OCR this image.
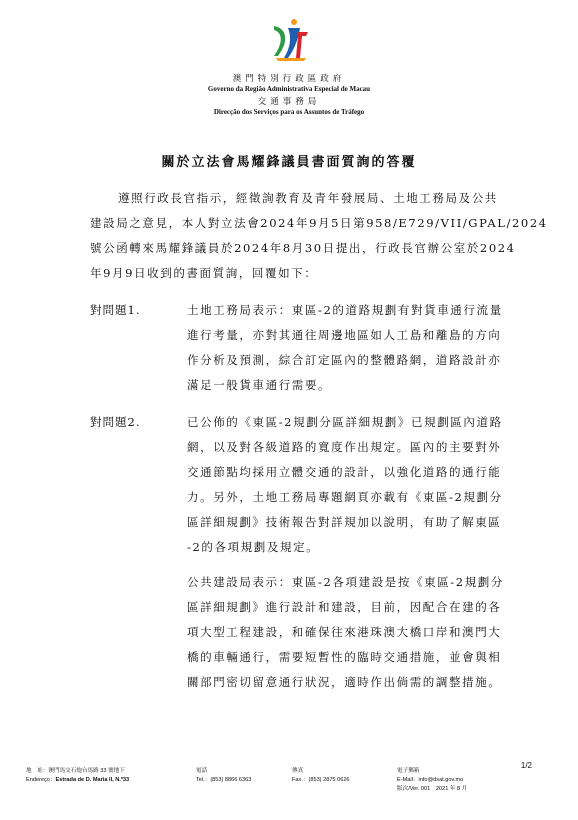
澳門特別行政區政府
Governo da Região Administrativa Especial de Macau
交通事務局
Direcção dos Serviços para os Assuntos de Tráfego
關於立法會馬耀鋒議員書面質詢的答覆
遵照行政長官指示，經徵詢教育及青年發展局、土地工務局及公共
建設局之意見，本人對立法會2024年9月5日第958/E729/VII/GPAL/2024
號公函轉來馬耀鋒議員於2024年8月30日提出，行政長官辦公室於2024
年9月9日收到的書面質詢，回覆如下：
對問題1.	土地工務局表示：東區-2的道路規劃有對貨車通行流量
進行考量，亦對其通往周邊地區如人工島和離島的方向
作分析及預測，綜合訂定區內的整體路網，道路設計亦
滿足一般貨車通行需要。
對問題2.	已公佈的《東區-2規劃分區詳細規劃》已規劃區內道路
網，以及對各級道路的寬度作出規定。區內的主要對外
交通節點均採用立體交通的設計，以強化道路的通行能
力。另外，土地工務局專題網頁亦載有《東區-2規劃分
區詳細規劃》技術報告對詳規加以說明，有助了解東區
-2的各項規劃及規定。
公共建設局表示：東區-2各項建設是按《東區-2規劃分
區詳細規劃》進行設計和建設，目前，因配合在建的各
項大型工程建設，和確保往來港珠澳大橋口岸和澳門大
橋的車輛通行，需要短暫性的臨時交通措施，並會與相
關部門密切留意通行狀況，適時作出倘需的調整措施。
1/2
地　址：澳門馬交石炮台馬路 33 號地下
Endereço：Estrada de D. Maria II, N.º33
電話
Tel.：(853) 8866 6363
傳真
Fax.：(853) 2875 0626
電子郵箱
E-Mail：info@dsat.gov.mo
版次/Ver. 001　2021 年 8 月
